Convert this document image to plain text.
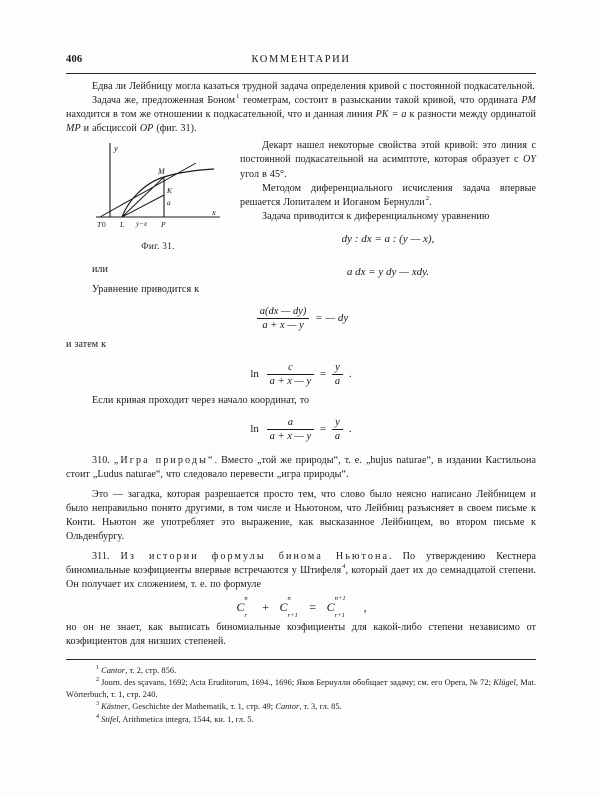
406	КОММЕНТАРИИ

Едва ли Лейбницу могла казаться трудной задача определения кривой с постоянной подкасательной.

Задача же, предложенная Боном$^1$ геометрам, состоит в разыскании такой кривой, что ордината PM находится в том же отношении к подкасательной, что и данная линия PK = a к разности между ординатой MP и абсциссой OP (фиг. 31).

y
x
0
T	L y−x P
M
K
a
Фиг. 31.

Декарт нашел некоторые свойства этой кривой: это линия с постоянной подкасательной на асимптоте, которая образует с OY угол в 45°.

Методом диференциального исчисления задача впервые решается Лопиталем и Иоганом Бернулли$^2$.

Задача приводится к диференциальному уравнению

dy : dx = a : (y — x),
или	a dx = y dy — xdy.

Уравнение приводится к

$\frac{a(dx — dy)}{a + x — y}$ = — dy

и затем к

$\ln \frac{c}{a + x — y} = \frac{y}{a}$ .

Если кривая проходит через начало координат, то

$\ln \frac{a}{a + x — y} = \frac{y}{a}$ .

310. „Игра природы“. Вместо „той же природы“, т. е. „hujus naturae“, в издании Кастильона стоит „Ludus naturae“, что следовало перевести „игра природы“.

Это — загадка, которая разрешается просто тем, что слово было неясно написано Лейбницем и было неправильно понято другими, в том числе и Ньютоном, что Лейбниц разъясняет в своем письме к Конти. Ньютон же употребляет это выражение, как высказанное Лейбницем, во втором письме к Ольденбургу.

311. Из истории формулы бинома Ньютона. По утверждению Кестнера биномиальные коэфициенты впервые встречаются у Штифеля$^4$, который дает их до семнадцатой степени. Он получает их сложением, т. е. по формуле

C
n
r
+ C
n
r+1
= C
n+1
r+1
,

но он не знает, как выписать биномиальные коэфициенты для какой-либо степени независимо от коэфициентов для низших степеней.

$^1$ Cantor, т. 2, стр. 856.

$^2$ Journ. des sçavans, 1692; Acta Eruditorum, 1694., 1696; Яков Бернулли обобщает задачу; см. его Opera, № 72; Klügel, Mat. Wörterbuch, т. 1, стр. 240.

$^3$ Kästner, Geschichte der Mathematik, т. 1, стр. 49; Cantor, т. 3, гл. 85.

$^4$ Stifel, Arithmetica integra, 1544, кн. 1, гл. 5.
